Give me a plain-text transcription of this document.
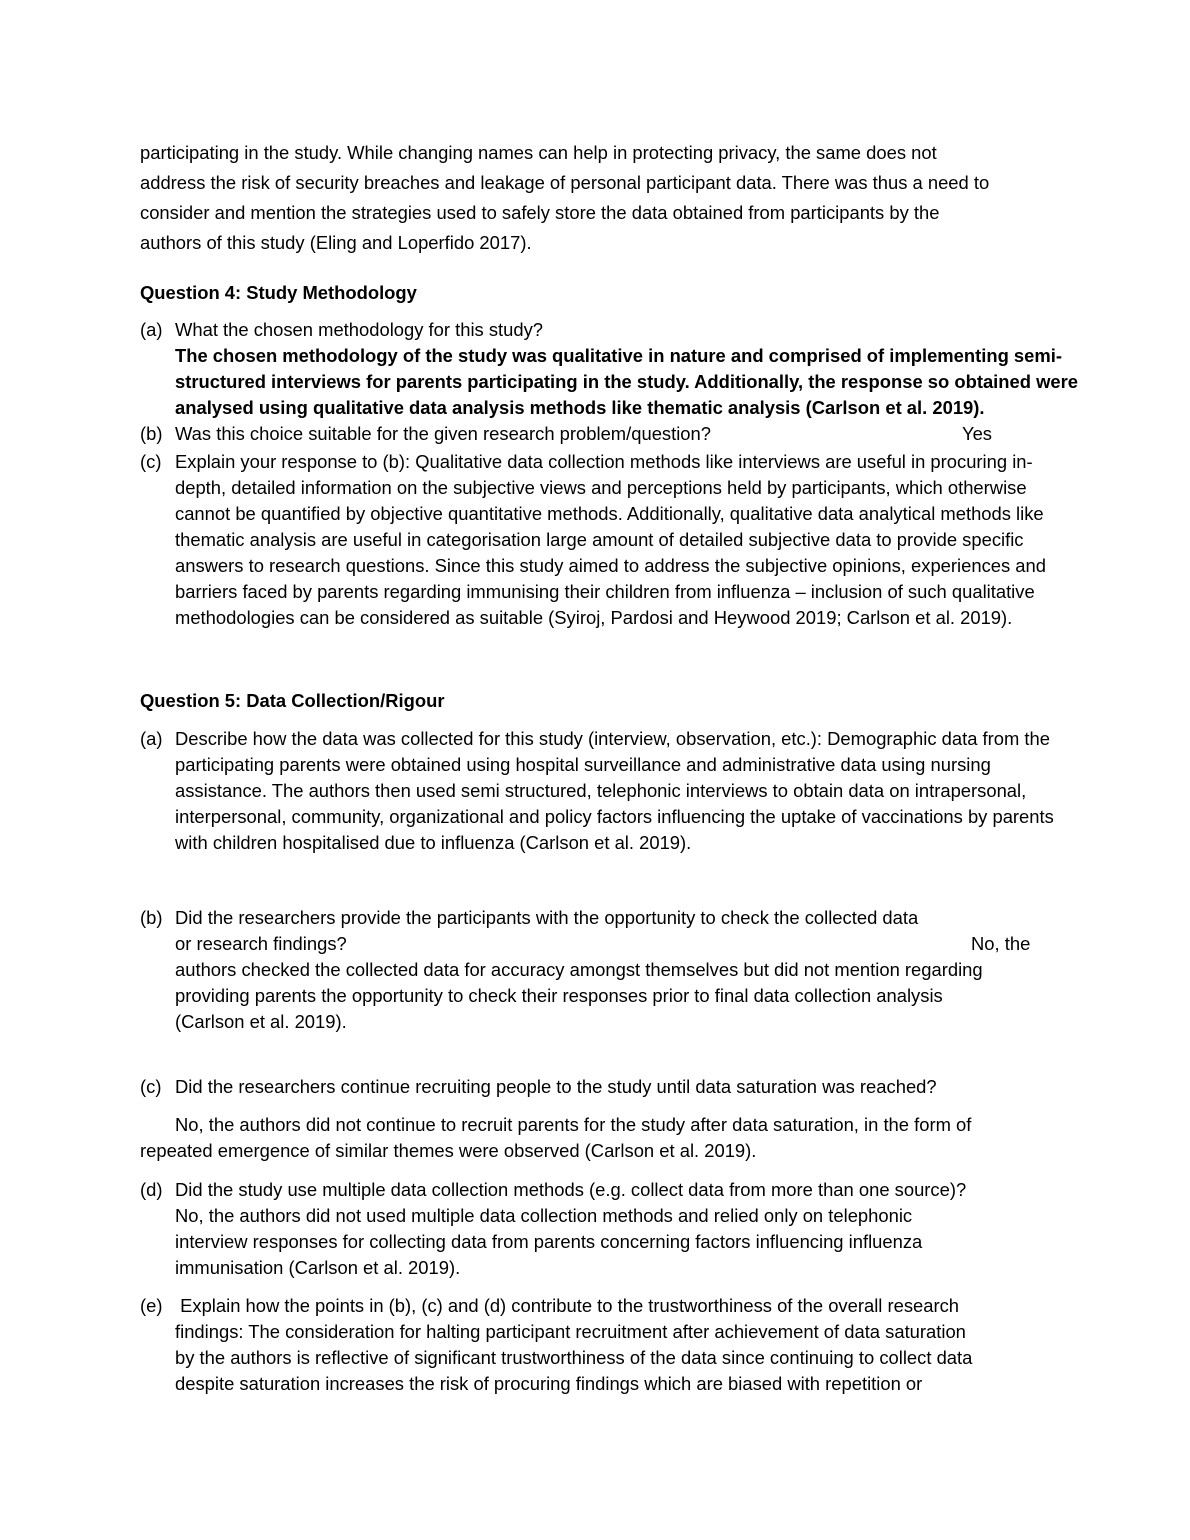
participating in the study. While changing names can help in protecting privacy, the same does not
address the risk of security breaches and leakage of personal participant data. There was thus a need to
consider and mention the strategies used to safely store the data obtained from participants by the
authors of this study (Eling and Loperfido 2017).
Question 4: Study Methodology
(a) What the chosen methodology for this study?
The chosen methodology of the study was qualitative in nature and comprised of implementing semi-
structured interviews for parents participating in the study. Additionally, the response so obtained were
analysed using qualitative data analysis methods like thematic analysis (Carlson et al. 2019).
(b) Was this choice suitable for the given research problem/question?	Yes
(c) Explain your response to (b): Qualitative data collection methods like interviews are useful in procuring in-
depth, detailed information on the subjective views and perceptions held by participants, which otherwise
cannot be quantified by objective quantitative methods. Additionally, qualitative data analytical methods like
thematic analysis are useful in categorisation large amount of detailed subjective data to provide specific
answers to research questions. Since this study aimed to address the subjective opinions, experiences and
barriers faced by parents regarding immunising their children from influenza – inclusion of such qualitative
methodologies can be considered as suitable (Syiroj, Pardosi and Heywood 2019; Carlson et al. 2019).
Question 5: Data Collection/Rigour
(a) Describe how the data was collected for this study (interview, observation, etc.): Demographic data from the
participating parents were obtained using hospital surveillance and administrative data using nursing
assistance. The authors then used semi structured, telephonic interviews to obtain data on intrapersonal,
interpersonal, community, organizational and policy factors influencing the uptake of vaccinations by parents
with children hospitalised due to influenza (Carlson et al. 2019).
(b) Did the researchers provide the participants with the opportunity to check the collected data
or research findings?
authors checked the collected data for accuracy amongst themselves but did not mention regarding
providing parents the opportunity to check their responses prior to final data collection analysis
(Carlson et al. 2019).
No, the
(c) Did the researchers continue recruiting people to the study until data saturation was reached?
No, the authors did not continue to recruit parents for the study after data saturation, in the form of
repeated emergence of similar themes were observed (Carlson et al. 2019).
(d) Did the study use multiple data collection methods (e.g. collect data from more than one source)?
No, the authors did not used multiple data collection methods and relied only on telephonic
interview responses for collecting data from parents concerning factors influencing influenza
immunisation (Carlson et al. 2019).
(e) Explain how the points in (b), (c) and (d) contribute to the trustworthiness of the overall research
findings: The consideration for halting participant recruitment after achievement of data saturation
by the authors is reflective of significant trustworthiness of the data since continuing to collect data
despite saturation increases the risk of procuring findings which are biased with repetition or
